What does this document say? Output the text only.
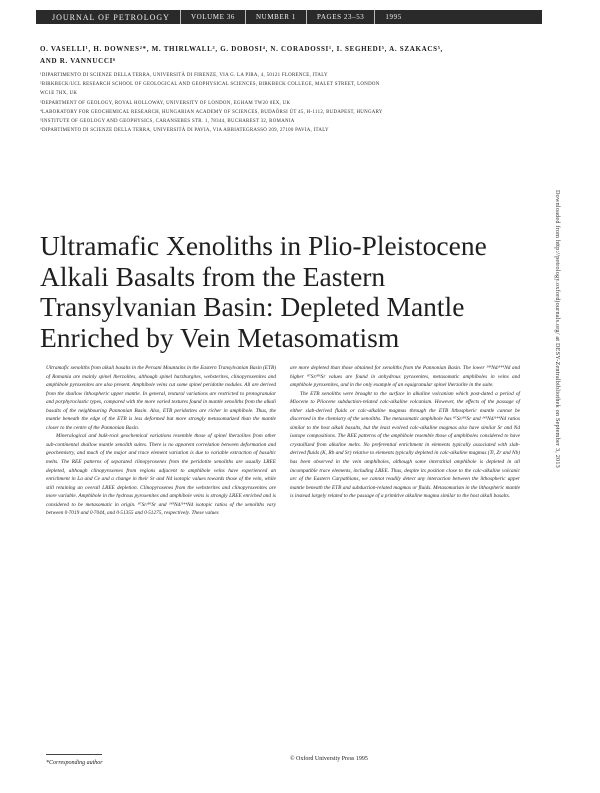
JOURNAL OF PETROLOGY	VOLUME 36	NUMBER 1	PAGES 23–53	1995
O. VASELLI¹, H. DOWNES²*, M. THIRLWALL³, G. DOBOSI⁴, N. CORADOSSI¹, I. SEGHEDI⁵, A. SZAKACS⁵,
AND R. VANNUCCI⁶
¹DIPARTIMENTO DI SCIENZE DELLA TERRA, UNIVERSITÀ DI FIRENZE, VIA G. LA PIRA, 4, 50121 FLORENCE, ITALY
²BIRKBECK/UCL RESEARCH SCHOOL OF GEOLOGICAL AND GEOPHYSICAL SCIENCES, BIRKBECK COLLEGE, MALET STREET, LONDON
WC1E 7HX, UK
³DEPARTMENT OF GEOLOGY, ROYAL HOLLOWAY, UNIVERSITY OF LONDON, EGHAM TW20 0EX, UK
⁴LABORATORY FOR GEOCHEMICAL RESEARCH, HUNGARIAN ACADEMY OF SCIENCES, BUDAÖRSI ÚT 45, H-1112, BUDAPEST, HUNGARY
⁵INSTITUTE OF GEOLOGY AND GEOPHYSICS, CARANSEBES STR. 1, 78344, BUCHAREST 32, ROMANIA
⁶DIPARTIMENTO DI SCIENZE DELLA TERRA, UNIVERSITÀ DI PAVIA, VIA ABBIATEGRASSO 209, 27100 PAVIA, ITALY
Ultramafic Xenoliths in Plio-Pleistocene
Alkali Basalts from the Eastern
Transylvanian Basin: Depleted Mantle
Enriched by Vein Metasomatism

Ultramafic xenoliths from alkali basalts in the Persani Mountains in the Eastern Transylvanian Basin (ETB) of Romania are mainly spinel lherzolites, although spinel harzburgites, websterites, clinopyroxenites and amphibole pyroxenites are also present. Amphibole veins cut some spinel peridotite nodules. All are derived from the shallow lithospheric upper mantle. In general, textural variations are restricted to protogranular and porphyroclastic types, compared with the more varied textures found in mantle xenoliths from the alkali basalts of the neighbouring Pannonian Basin. Also, ETB peridotites are richer in amphibole. Thus, the mantle beneath the edge of the ETB is less deformed but more strongly metasomatized than the mantle closer to the centre of the Pannonian Basin.

Mineralogical and bulk-rock geochemical variations resemble those of spinel lherzolites from other sub-continental shallow mantle xenolith suites. There is no apparent correlation between deformation and geochemistry, and much of the major and trace element variation is due to variable extraction of basaltic melts. The REE patterns of separated clinopyroxenes from the peridotite xenoliths are usually LREE depleted, although clinopyroxenes from regions adjacent to amphibole veins have experienced an enrichment in La and Ce and a change in their Sr and Nd isotopic values towards those of the vein, while still retaining an overall LREE depletion. Clinopyroxenes from the websterites and clinopyroxenites are more variable. Amphibole in the hydrous pyroxenites and amphibole veins is strongly LREE enriched and is considered to be metasomatic in origin. ⁸⁷Sr/⁸⁶Sr and ¹⁴³Nd/¹⁴⁴Nd isotopic ratios of the xenoliths vary between 0·7019 and 0·7044, and 0·51355 and 0·51275, respectively. These values

are more depleted than those obtained for xenoliths from the Pannonian Basin. The lower ¹⁴³Nd/¹⁴⁴Nd and higher ⁸⁷Sr/⁸⁶Sr values are found in anhydrous pyroxenites, metasomatic amphiboles in veins and amphibole pyroxenites, and in the only example of an equigranular spinel lherzolite in the suite.

The ETB xenoliths were brought to the surface in alkaline volcanism which post-dated a period of Miocene to Pliocene subduction-related calc-alkaline volcanism. However, the effects of the passage of either slab-derived fluids or calc-alkaline magmas through the ETB lithospheric mantle cannot be discerned in the chemistry of the xenoliths. The metasomatic amphibole has ⁸⁷Sr/⁸⁶Sr and ¹⁴³Nd/¹⁴⁴Nd ratios similar to the host alkali basalts, but the least evolved calc-alkaline magmas also have similar Sr and Nd isotope compositions. The REE patterns of the amphibole resemble those of amphiboles considered to have crystallized from alkaline melts. No preferential enrichment in elements typically associated with slab-derived fluids (K, Rb and Sr) relative to elements typically depleted in calc-alkaline magmas (Ti, Zr and Nb) has been observed in the vein amphiboles, although some interstitial amphibole is depleted in all incompatible trace elements, including LREE. Thus, despite its position close to the calc-alkaline volcanic arc of the Eastern Carpathians, we cannot readily detect any interaction between the lithospheric upper mantle beneath the ETB and subduction-related magmas or fluids. Metasomatism in the lithospheric mantle is instead largely related to the passage of a primitive alkaline magma similar to the host alkali basalts.

Downloaded from http://petrology.oxfordjournals.org/ at DESY-Zentralbibliothek on September 3, 2013
*Corresponding author
© Oxford University Press 1995
